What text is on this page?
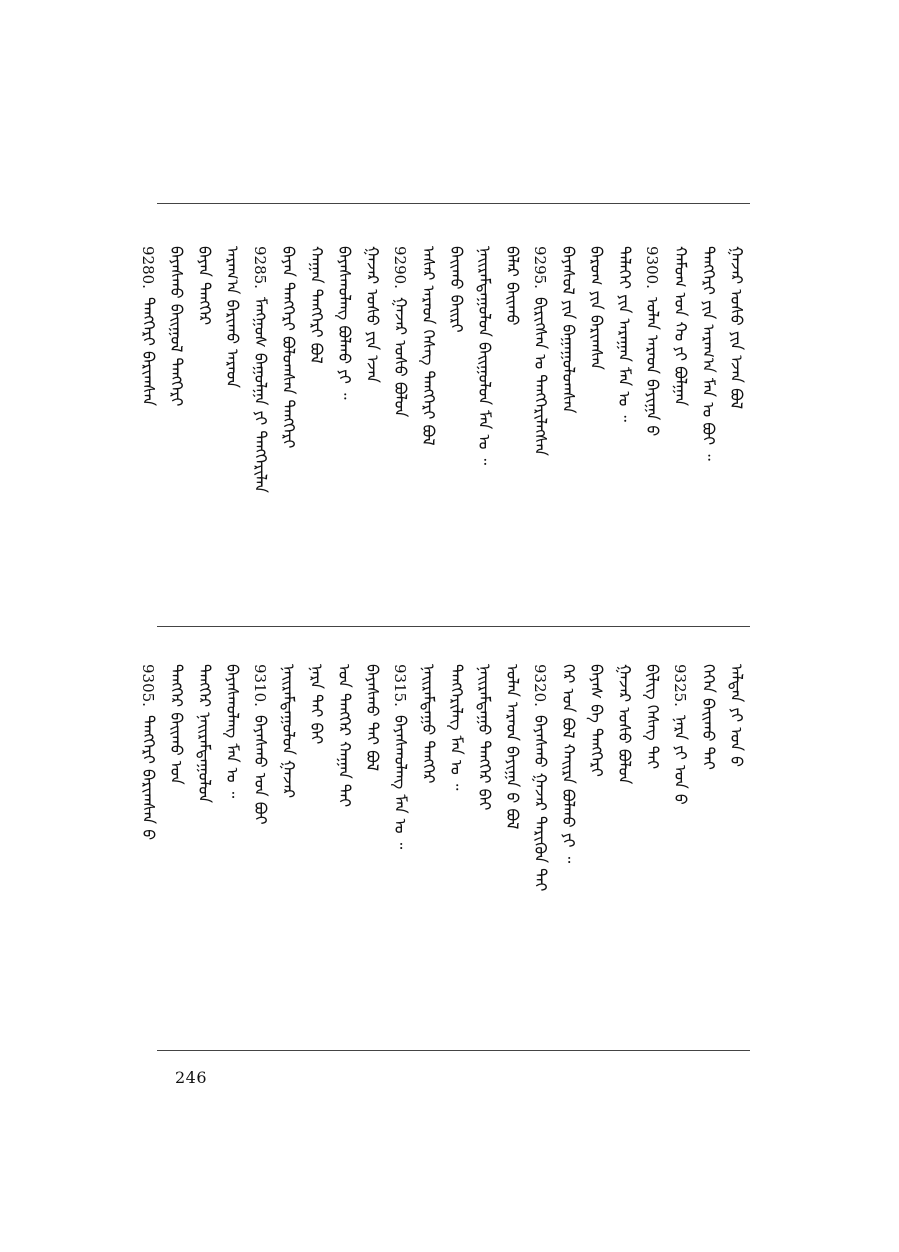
ᠭᠠᠵᠠᠷ ᠤᠰᠤ ᠶᠢᠨ ᠡᠵᠡᠨ ᠪᠣᠯ
ᠲᠡᠩᠭᠡᠷᠢ ᠶᠢᠨ ᠠᠷᠠᠭ᠎ᠠ ᠮᠠᠨ ᠤ ᠪᠣᠢ ᠃
ᠬᠠᠮᠤᠭ ᠤᠨ ᠬᠣ ᠶᠢ ᠪᠣᠯᠭᠠᠨ
9300.ᠣᠯᠠᠨ ᠠᠷᠠᠳ ᠪᠠᠶᠢᠭᠠ ᠪ
ᠲᠡᠯᠡᠭᠡᠢ ᠶᠢᠨ ᠠᠷᠠᠭᠠᠨ ᠮᠠᠨ ᠤ ᠃
ᠪᠠᠷᠤᠭ ᠶᠢᠨ ᠪᠠᠷᠢᠭᠰᠠᠨ
ᠪᠠᠶᠠᠰᠤᠯ ᠶᠢᠨ ᠪᠠᠭᠠᠭᠤᠯᠤᠭᠰᠠᠨ
9295.ᠪᠢᠷᠢᠭᠰᠡᠨ ᠤ ᠲᠡᠩᠭᠡᠷᠢᠯᠡᠭᠰᠡᠨ
ᠪᠠᠯᠠᠷ ᠪᠠᠢᠬᠤ
ᠨᠠᠢᠷᠠᠮᠳᠠᠭᠤᠯᠤᠨ ᠪᠠᠢᠭᠤᠯᠤᠨ ᠮᠠᠨ ᠤ ᠃
ᠪᠠᠢᠬᠤ ᠪᠠᠢᠷᠢ
ᠠᠰᠠᠷ ᠠᠷᠠᠳ ᠬᠡᠰᠡᠭ ᠲᠡᠩᠭᠡᠷᠢ ᠪᠣᠯ
9290.ᠭᠠᠵᠠᠷ ᠤᠰᠤ ᠪᠣᠯᠤᠨ
ᠭᠠᠵᠠᠷ ᠤᠰᠤ ᠶᠢᠨ ᠡᠵᠡᠨ
ᠪᠠᠶᠠᠰᠬᠤᠯᠠᠩ ᠪᠣᠯᠬᠤ ᠶᠢ ᠃
ᠬᠠᠭᠠᠨ ᠲᠡᠩᠭᠡᠷᠢ ᠪᠣᠯ
ᠪᠠᠶᠠᠨ ᠲᠡᠩᠭᠡᠷᠢ ᠪᠣᠯᠤᠭᠰᠠᠨ ᠲᠡᠩᠭᠡᠷᠢ
9285.ᠮᠠᠩᠭᠤᠰ ᠪᠠᠭᠤᠯᠭᠠ ᠶᠢ ᠲᠡᠩᠭᠡᠷᠢᠯᠡᠨ
ᠠᠷᠠᠭ᠎ᠠ ᠪᠠᠷᠢᠬᠤ ᠠᠷᠠᠳ
ᠪᠠᠶᠠᠨ ᠲᠡᠩᠭᠡᠷ
ᠪᠠᠶᠠᠰᠬᠤ ᠪᠠᠢᠭᠤᠯ ᠲᠡᠩᠭᠡᠷᠢ
9280.ᠲᠡᠩᠭᠡᠷᠢ ᠪᠠᠷᠢᠭᠰᠠᠨ
ᠠᠯᠳᠠᠨ ᠶᠢ ᠤᠨ ᠪ
ᠭᠡᠭᠡᠨ ᠪᠠᠢᠬᠤ ᠲᠠᠢ
9325.ᠨᠠᠷᠠ ᠶᠢ ᠤᠨ ᠪ
ᠪᠢᠯᠢᠭ ᠬᠡᠰᠡᠭ ᠲᠠᠢ
ᠭᠠᠵᠠᠷ ᠤᠰᠤ ᠪᠣᠯᠤᠨ
ᠪᠠᠶᠠᠰ ᠪᠠ ᠲᠡᠩᠭᠡᠷᠢ
ᠬᠡᠷ ᠤᠨ ᠪᠣᠯ ᠬᠠᠢᠷᠠ ᠪᠣᠯᠬᠤ ᠶᠢ ᠃
9320.ᠪᠠᠶᠠᠰᠬᠤ ᠭᠠᠵᠠᠷ ᠲᠡᠷᠢᠭᠦᠨ ᠲᠠᠢ
ᠣᠯᠠᠨ ᠠᠷᠠᠳ ᠪᠠᠶᠢᠭᠠ ᠪ ᠪᠣᠯ
ᠨᠠᠢᠷᠠᠮᠳᠠᠭᠤ ᠲᠡᠩᠭᠡᠷ ᠪᠠᠢ
ᠲᠡᠩᠭᠡᠷᠢᠯᠡᠭ ᠮᠠᠨ ᠤ ᠃
ᠨᠠᠢᠷᠠᠮᠳᠠᠭᠤ ᠲᠡᠩᠭᠡᠷ
9315.ᠪᠠᠶᠠᠰᠬᠤᠯᠠᠩ ᠮᠠᠨ ᠤ ᠃
ᠪᠠᠶᠠᠰᠬᠤ ᠲᠠᠢ ᠪᠣᠯ
ᠤᠨ ᠲᠡᠩᠭᠡᠷ ᠬᠠᠭᠠᠨ ᠲᠠᠢ
ᠨᠠᠷᠠ ᠲᠠᠢ ᠪᠠᠢ
ᠨᠠᠢᠷᠠᠮᠳᠠᠭᠤᠯᠤᠨ ᠭᠠᠵᠠᠷ
9310.ᠪᠠᠶᠠᠰᠬᠤ ᠤᠨ ᠪᠣᠢ
ᠪᠠᠶᠠᠰᠬᠤᠯᠠᠩ ᠮᠠᠨ ᠤ ᠃
ᠲᠡᠩᠭᠡᠷ ᠨᠠᠢᠷᠠᠮᠳᠠᠭᠤᠯᠤᠨ
ᠲᠡᠩᠭᠡᠷ ᠪᠠᠢᠬᠤ ᠤᠨ
9305.ᠲᠡᠩᠭᠡᠷᠢ ᠪᠠᠷᠢᠭᠰᠠᠨ ᠪ
246
